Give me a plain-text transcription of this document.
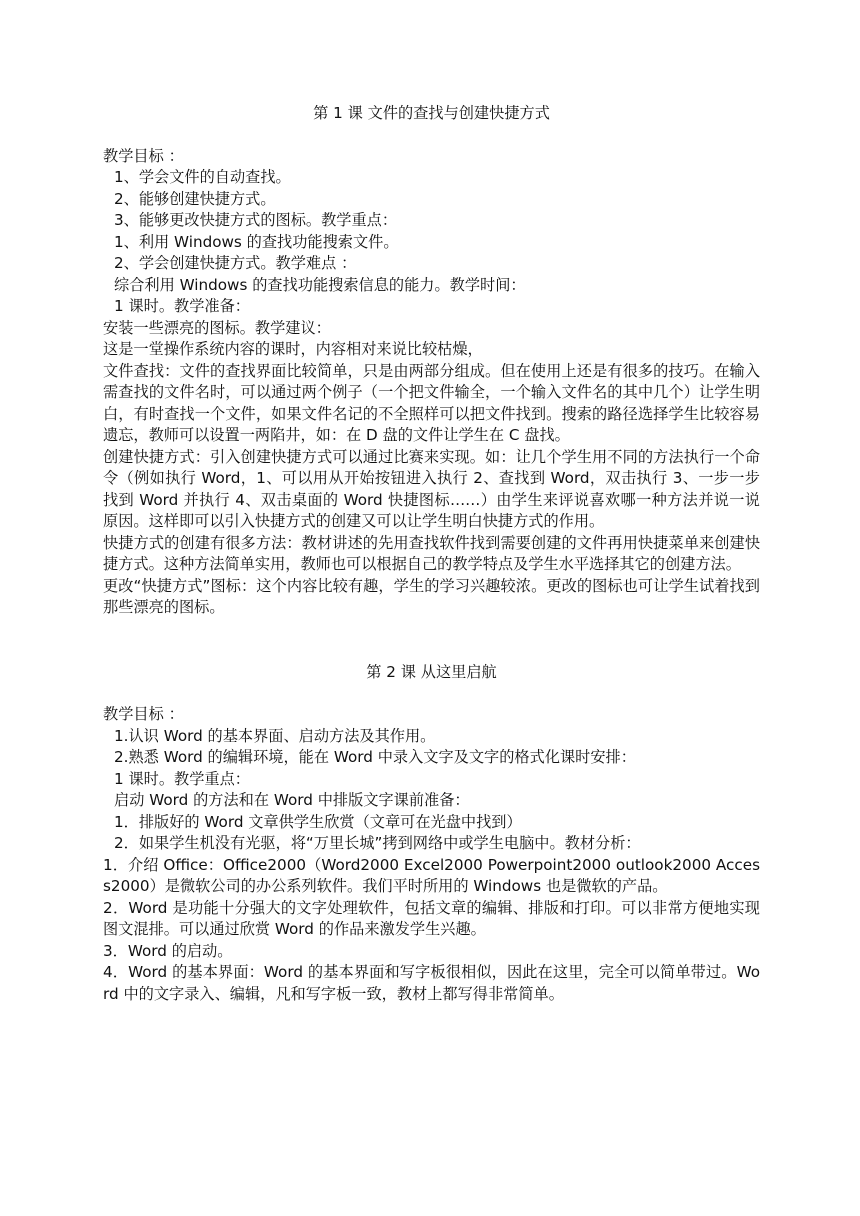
第 1 课 文件的查找与创建快捷方式
教学目标 ：
1、学会文件的自动查找。
2、能够创建快捷方式。
3、能够更改快捷方式的图标。教学重点：
1、利用 Windows 的查找功能搜索文件。
2、学会创建快捷方式。教学难点 ：
综合利用 Windows 的查找功能搜索信息的能力。教学时间：
1 课时。教学准备：
安装一些漂亮的图标。教学建议：
这是一堂操作系统内容的课时，内容相对来说比较枯燥，
文件查找：文件的查找界面比较简单，只是由两部分组成。但在使用上还是有很多的技巧。在输入需查找的文件名时，可以通过两个例子（一个把文件输全，一个输入文件名的其中几个）让学生明白，有时查找一个文件，如果文件名记的不全照样可以把文件找到。搜索的路径选择学生比较容易遗忘，教师可以设置一两陷井，如：在 D 盘的文件让学生在 C 盘找。
创建快捷方式：引入创建快捷方式可以通过比赛来实现。如：让几个学生用不同的方法执行一个命令（例如执行 Word，1、可以用从开始按钮进入执行 2、查找到 Word，双击执行 3、一步一步找到 Word 并执行 4、双击桌面的 Word 快捷图标……）由学生来评说喜欢哪一种方法并说一说原因。这样即可以引入快捷方式的创建又可以让学生明白快捷方式的作用。
快捷方式的创建有很多方法：教材讲述的先用查找软件找到需要创建的文件再用快捷菜单来创建快捷方式。这种方法简单实用，教师也可以根据自己的教学特点及学生水平选择其它的创建方法。
更改“快捷方式”图标：这个内容比较有趣，学生的学习兴趣较浓。更改的图标也可让学生试着找到那些漂亮的图标。
第 2 课 从这里启航
教学目标 ：
1.认识 Word 的基本界面、启动方法及其作用。
2.熟悉 Word 的编辑环境，能在 Word 中录入文字及文字的格式化课时安排：
1 课时。教学重点：
启动 Word 的方法和在 Word 中排版文字课前准备：
1．排版好的 Word 文章供学生欣赏（文章可在光盘中找到）
2．如果学生机没有光驱，将“万里长城”拷到网络中或学生电脑中。教材分析：
1．介绍 Office：Office2000（Word2000 Excel2000 Powerpoint2000 outlook2000 Access2000）是微软公司的办公系列软件。我们平时所用的 Windows 也是微软的产品。
2．Word 是功能十分强大的文字处理软件，包括文章的编辑、排版和打印。可以非常方便地实现图文混排。可以通过欣赏 Word 的作品来激发学生兴趣。
3．Word 的启动。
4．Word 的基本界面：Word 的基本界面和写字板很相似，因此在这里，完全可以简单带过。Word 中的文字录入、编辑，凡和写字板一致，教材上都写得非常简单。
